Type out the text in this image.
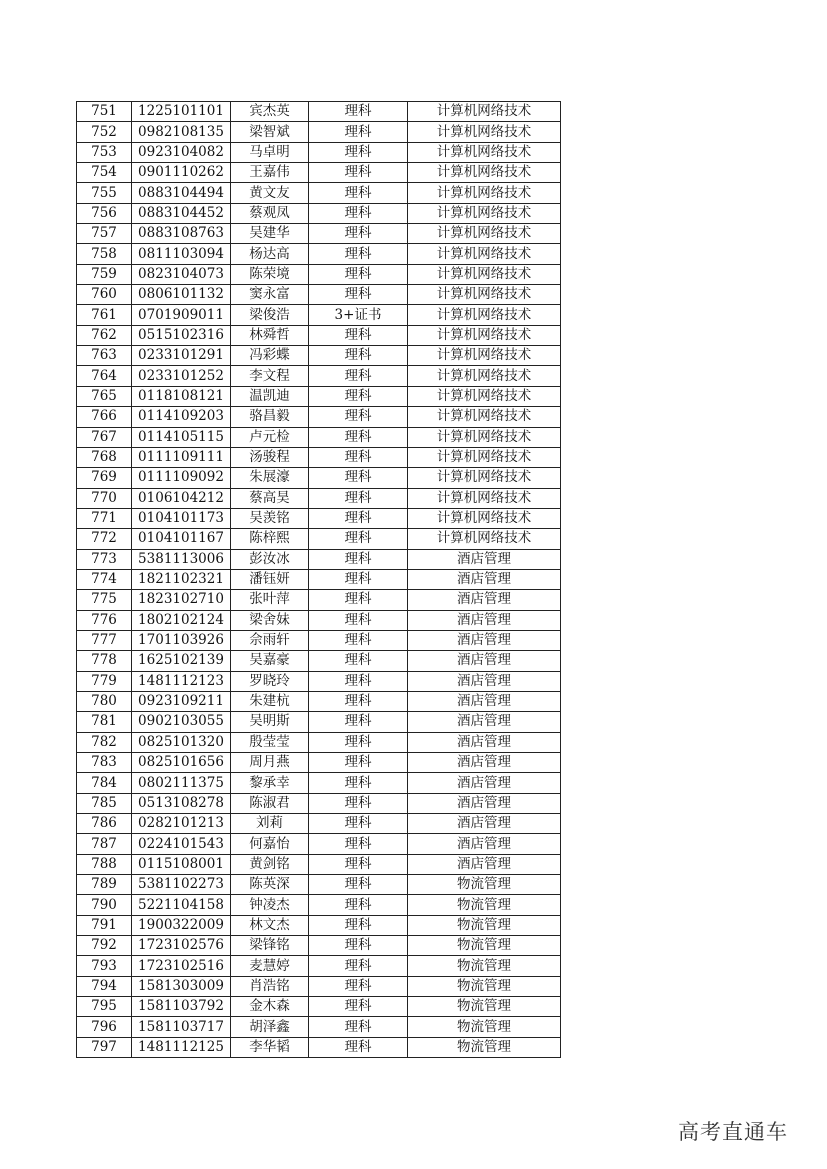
751	1225101101	宾杰英	理科	计算机网络技术
752	0982108135	梁智斌	理科	计算机网络技术
753	0923104082	马卓明	理科	计算机网络技术
754	0901110262	王嘉伟	理科	计算机网络技术
755	0883104494	黄文友	理科	计算机网络技术
756	0883104452	蔡观凤	理科	计算机网络技术
757	0883108763	吴建华	理科	计算机网络技术
758	0811103094	杨达高	理科	计算机网络技术
759	0823104073	陈荣境	理科	计算机网络技术
760	0806101132	窦永富	理科	计算机网络技术
761	0701909011	梁俊浩	3+证书	计算机网络技术
762	0515102316	林舜哲	理科	计算机网络技术
763	0233101291	冯彩蝶	理科	计算机网络技术
764	0233101252	李文程	理科	计算机网络技术
765	0118108121	温凯迪	理科	计算机网络技术
766	0114109203	骆昌毅	理科	计算机网络技术
767	0114105115	卢元检	理科	计算机网络技术
768	0111109111	汤骏程	理科	计算机网络技术
769	0111109092	朱展濠	理科	计算机网络技术
770	0106104212	蔡高昊	理科	计算机网络技术
771	0104101173	吴羡铭	理科	计算机网络技术
772	0104101167	陈梓熙	理科	计算机网络技术
773	5381113006	彭汝冰	理科	酒店管理
774	1821102321	潘钰妍	理科	酒店管理
775	1823102710	张叶萍	理科	酒店管理
776	1802102124	梁舍妹	理科	酒店管理
777	1701103926	佘雨轩	理科	酒店管理
778	1625102139	吴嘉豪	理科	酒店管理
779	1481112123	罗晓玲	理科	酒店管理
780	0923109211	朱建杭	理科	酒店管理
781	0902103055	吴明斯	理科	酒店管理
782	0825101320	殷莹莹	理科	酒店管理
783	0825101656	周月燕	理科	酒店管理
784	0802111375	黎承幸	理科	酒店管理
785	0513108278	陈淑君	理科	酒店管理
786	0282101213	刘莉	理科	酒店管理
787	0224101543	何嘉怡	理科	酒店管理
788	0115108001	黄剑铭	理科	酒店管理
789	5381102273	陈英深	理科	物流管理
790	5221104158	钟凌杰	理科	物流管理
791	1900322009	林文杰	理科	物流管理
792	1723102576	梁锋铭	理科	物流管理
793	1723102516	麦慧婷	理科	物流管理
794	1581303009	肖浩铭	理科	物流管理
795	1581103792	金木森	理科	物流管理
796	1581103717	胡泽鑫	理科	物流管理
797	1481112125	李华韬	理科	物流管理
高考直通车
